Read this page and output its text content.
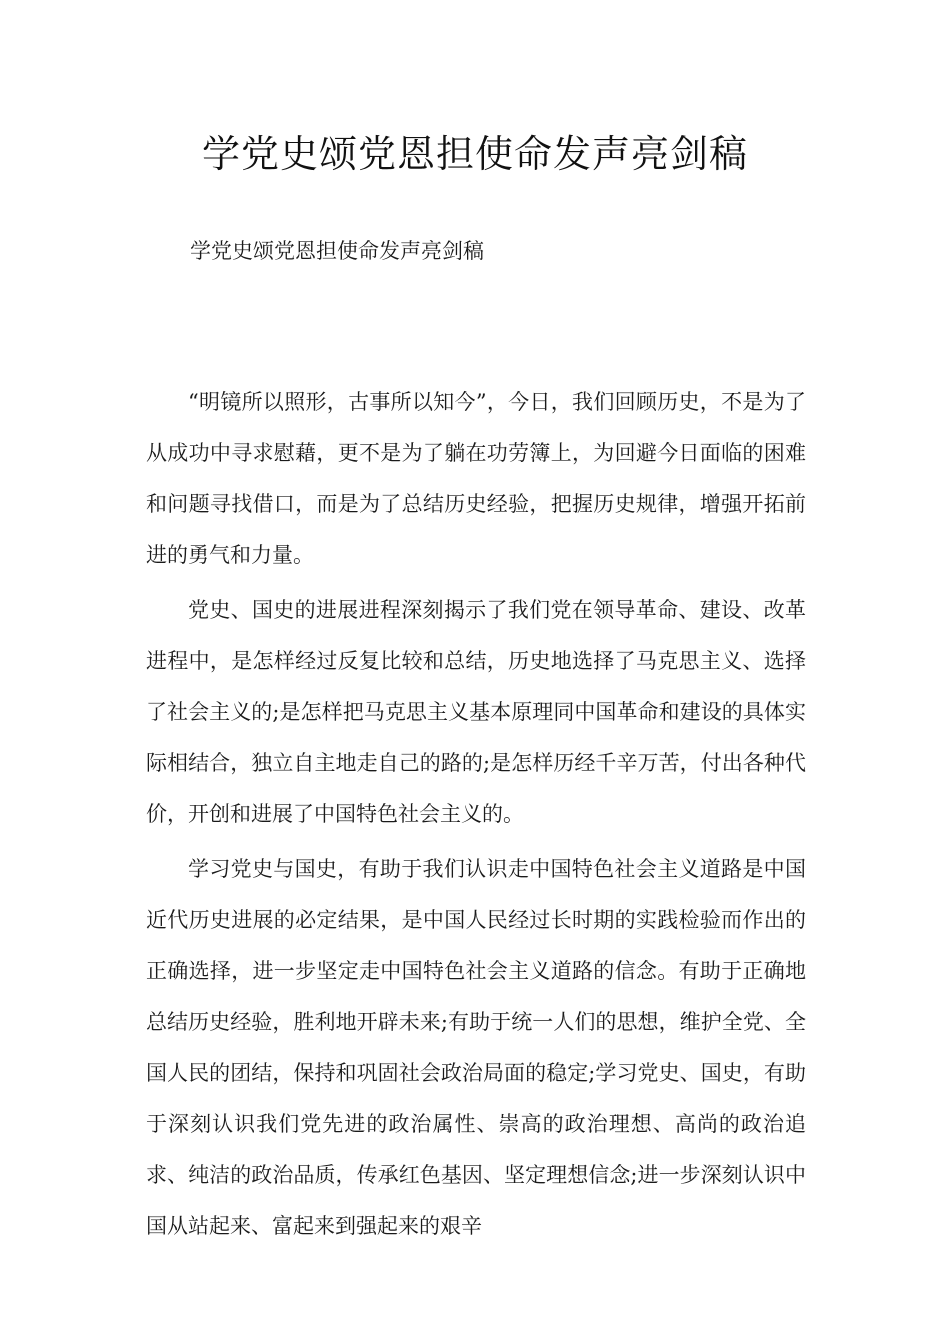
学党史颂党恩担使命发声亮剑稿

学党史颂党恩担使命发声亮剑稿

“明镜所以照形，古事所以知今”，今日，我们回顾历史，不是为了从成功中寻求慰藉，更不是为了躺在功劳簿上，为回避今日面临的困难和问题寻找借口，而是为了总结历史经验，把握历史规律，增强开拓前进的勇气和力量。

党史、国史的进展进程深刻揭示了我们党在领导革命、建设、改革进程中，是怎样经过反复比较和总结，历史地选择了马克思主义、选择了社会主义的;是怎样把马克思主义基本原理同中国革命和建设的具体实际相结合，独立自主地走自己的路的;是怎样历经千辛万苦，付出各种代价，开创和进展了中国特色社会主义的。

学习党史与国史，有助于我们认识走中国特色社会主义道路是中国近代历史进展的必定结果，是中国人民经过长时期的实践检验而作出的正确选择，进一步坚定走中国特色社会主义道路的信念。有助于正确地总结历史经验，胜利地开辟未来;有助于统一人们的思想，维护全党、全国人民的团结，保持和巩固社会政治局面的稳定;学习党史、国史，有助于深刻认识我们党先进的政治属性、崇高的政治理想、高尚的政治追求、纯洁的政治品质，传承红色基因、坚定理想信念;进一步深刻认识中国从站起来、富起来到强起来的艰辛
